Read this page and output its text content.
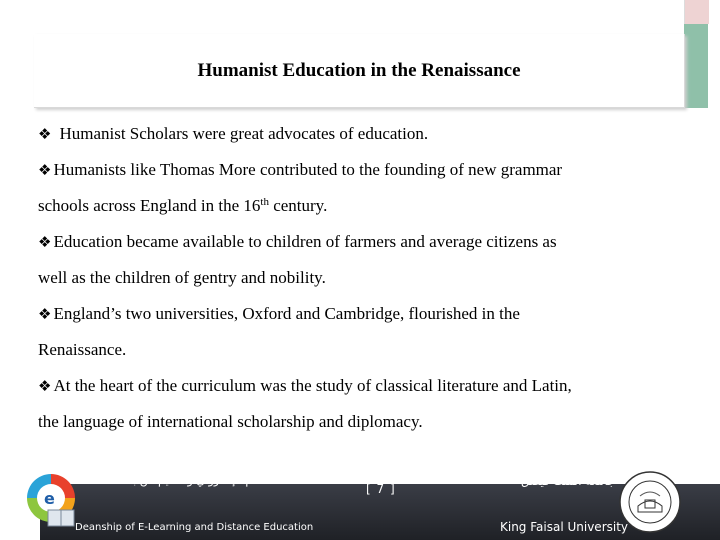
Humanist Education in the Renaissance

❖ Humanist Scholars were great advocates of education.

❖ Humanists like Thomas More contributed to the founding of new grammar
schools across England in the 16th century.

❖ Education became available to children of farmers and average citizens as
well as the children of gentry and nobility.

❖ England’s two universities, Oxford and Cambridge, flourished in the
Renaissance.

❖ At the heart of the curriculum was the study of classical literature and Latin,
the language of international scholarship and diplomacy.

e
عمادة التعلم الإلكتروني والتعليم عن بعد
Deanship of E-Learning and Distance Education
[ 7 ]
جامعة الملك فيصل
King Faisal University
